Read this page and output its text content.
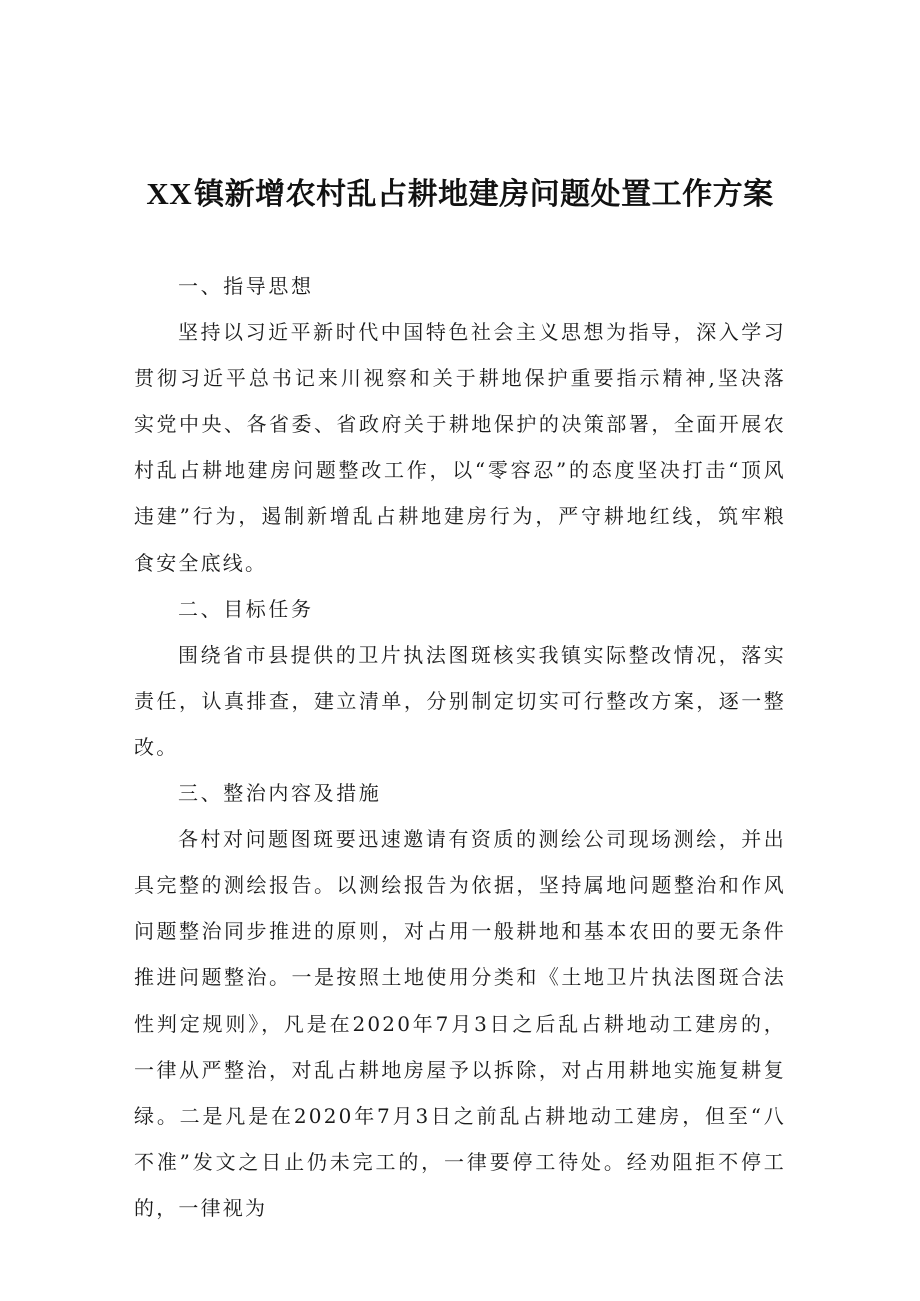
XX镇新增农村乱占耕地建房问题处置工作方案

一、指导思想

坚持以习近平新时代中国特色社会主义思想为指导，深入学习贯彻习近平总书记来川视察和关于耕地保护重要指示精神,坚决落实党中央、各省委、省政府关于耕地保护的决策部署，全面开展农村乱占耕地建房问题整改工作，以“零容忍”的态度坚决打击“顶风违建”行为，遏制新增乱占耕地建房行为，严守耕地红线，筑牢粮食安全底线。

二、目标任务

围绕省市县提供的卫片执法图斑核实我镇实际整改情况，落实责任，认真排查，建立清单，分别制定切实可行整改方案，逐一整改。

三、整治内容及措施

各村对问题图斑要迅速邀请有资质的测绘公司现场测绘，并出具完整的测绘报告。以测绘报告为依据，坚持属地问题整治和作风问题整治同步推进的原则，对占用一般耕地和基本农田的要无条件推进问题整治。一是按照土地使用分类和《土地卫片执法图斑合法性判定规则》，凡是在2020年7月3日之后乱占耕地动工建房的，一律从严整治，对乱占耕地房屋予以拆除，对占用耕地实施复耕复绿。二是凡是在2020年7月3日之前乱占耕地动工建房，但至“八不准”发文之日止仍未完工的，一律要停工待处。经劝阻拒不停工的，一律视为
